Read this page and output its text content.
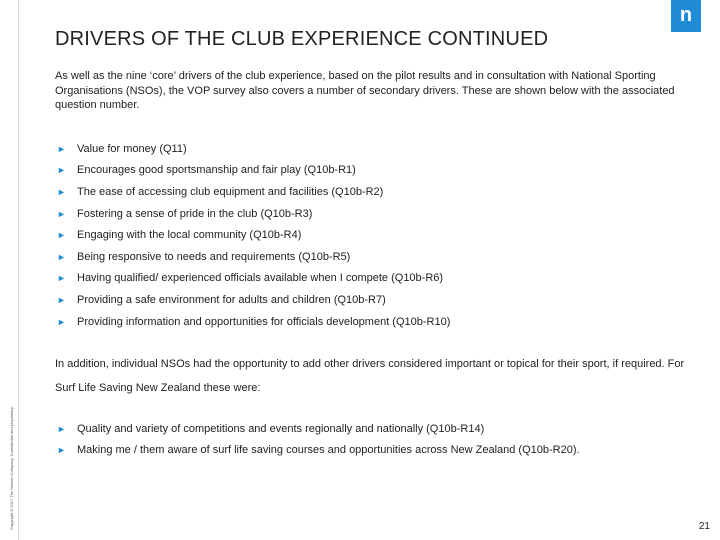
Copyright © 2017 The Nielsen Company. Confidential and proprietary.
n
DRIVERS OF THE CLUB EXPERIENCE CONTINUED
As well as the nine ‘core’ drivers of the club experience, based on the pilot results and in consultation with National Sporting Organisations (NSOs), the VOP survey also covers a number of secondary drivers. These are shown below with the associated question number.
►	Value for money (Q11)
►	Encourages good sportsmanship and fair play (Q10b-R1)
►	The ease of accessing club equipment and facilities (Q10b-R2)
►	Fostering a sense of pride in the club (Q10b-R3)
►	Engaging with the local community (Q10b-R4)
►	Being responsive to needs and requirements (Q10b-R5)
►	Having qualified/ experienced officials available when I compete (Q10b-R6)
►	Providing a safe environment for adults and children (Q10b-R7)
►	Providing information and opportunities for officials development (Q10b-R10)
In addition, individual NSOs had the opportunity to add other drivers considered important or topical for their sport, if required. For Surf Life Saving New Zealand these were:
►	Quality and variety of competitions and events regionally and nationally (Q10b-R14)
►	Making me / them aware of surf life saving courses and opportunities across New Zealand (Q10b-R20).
21
